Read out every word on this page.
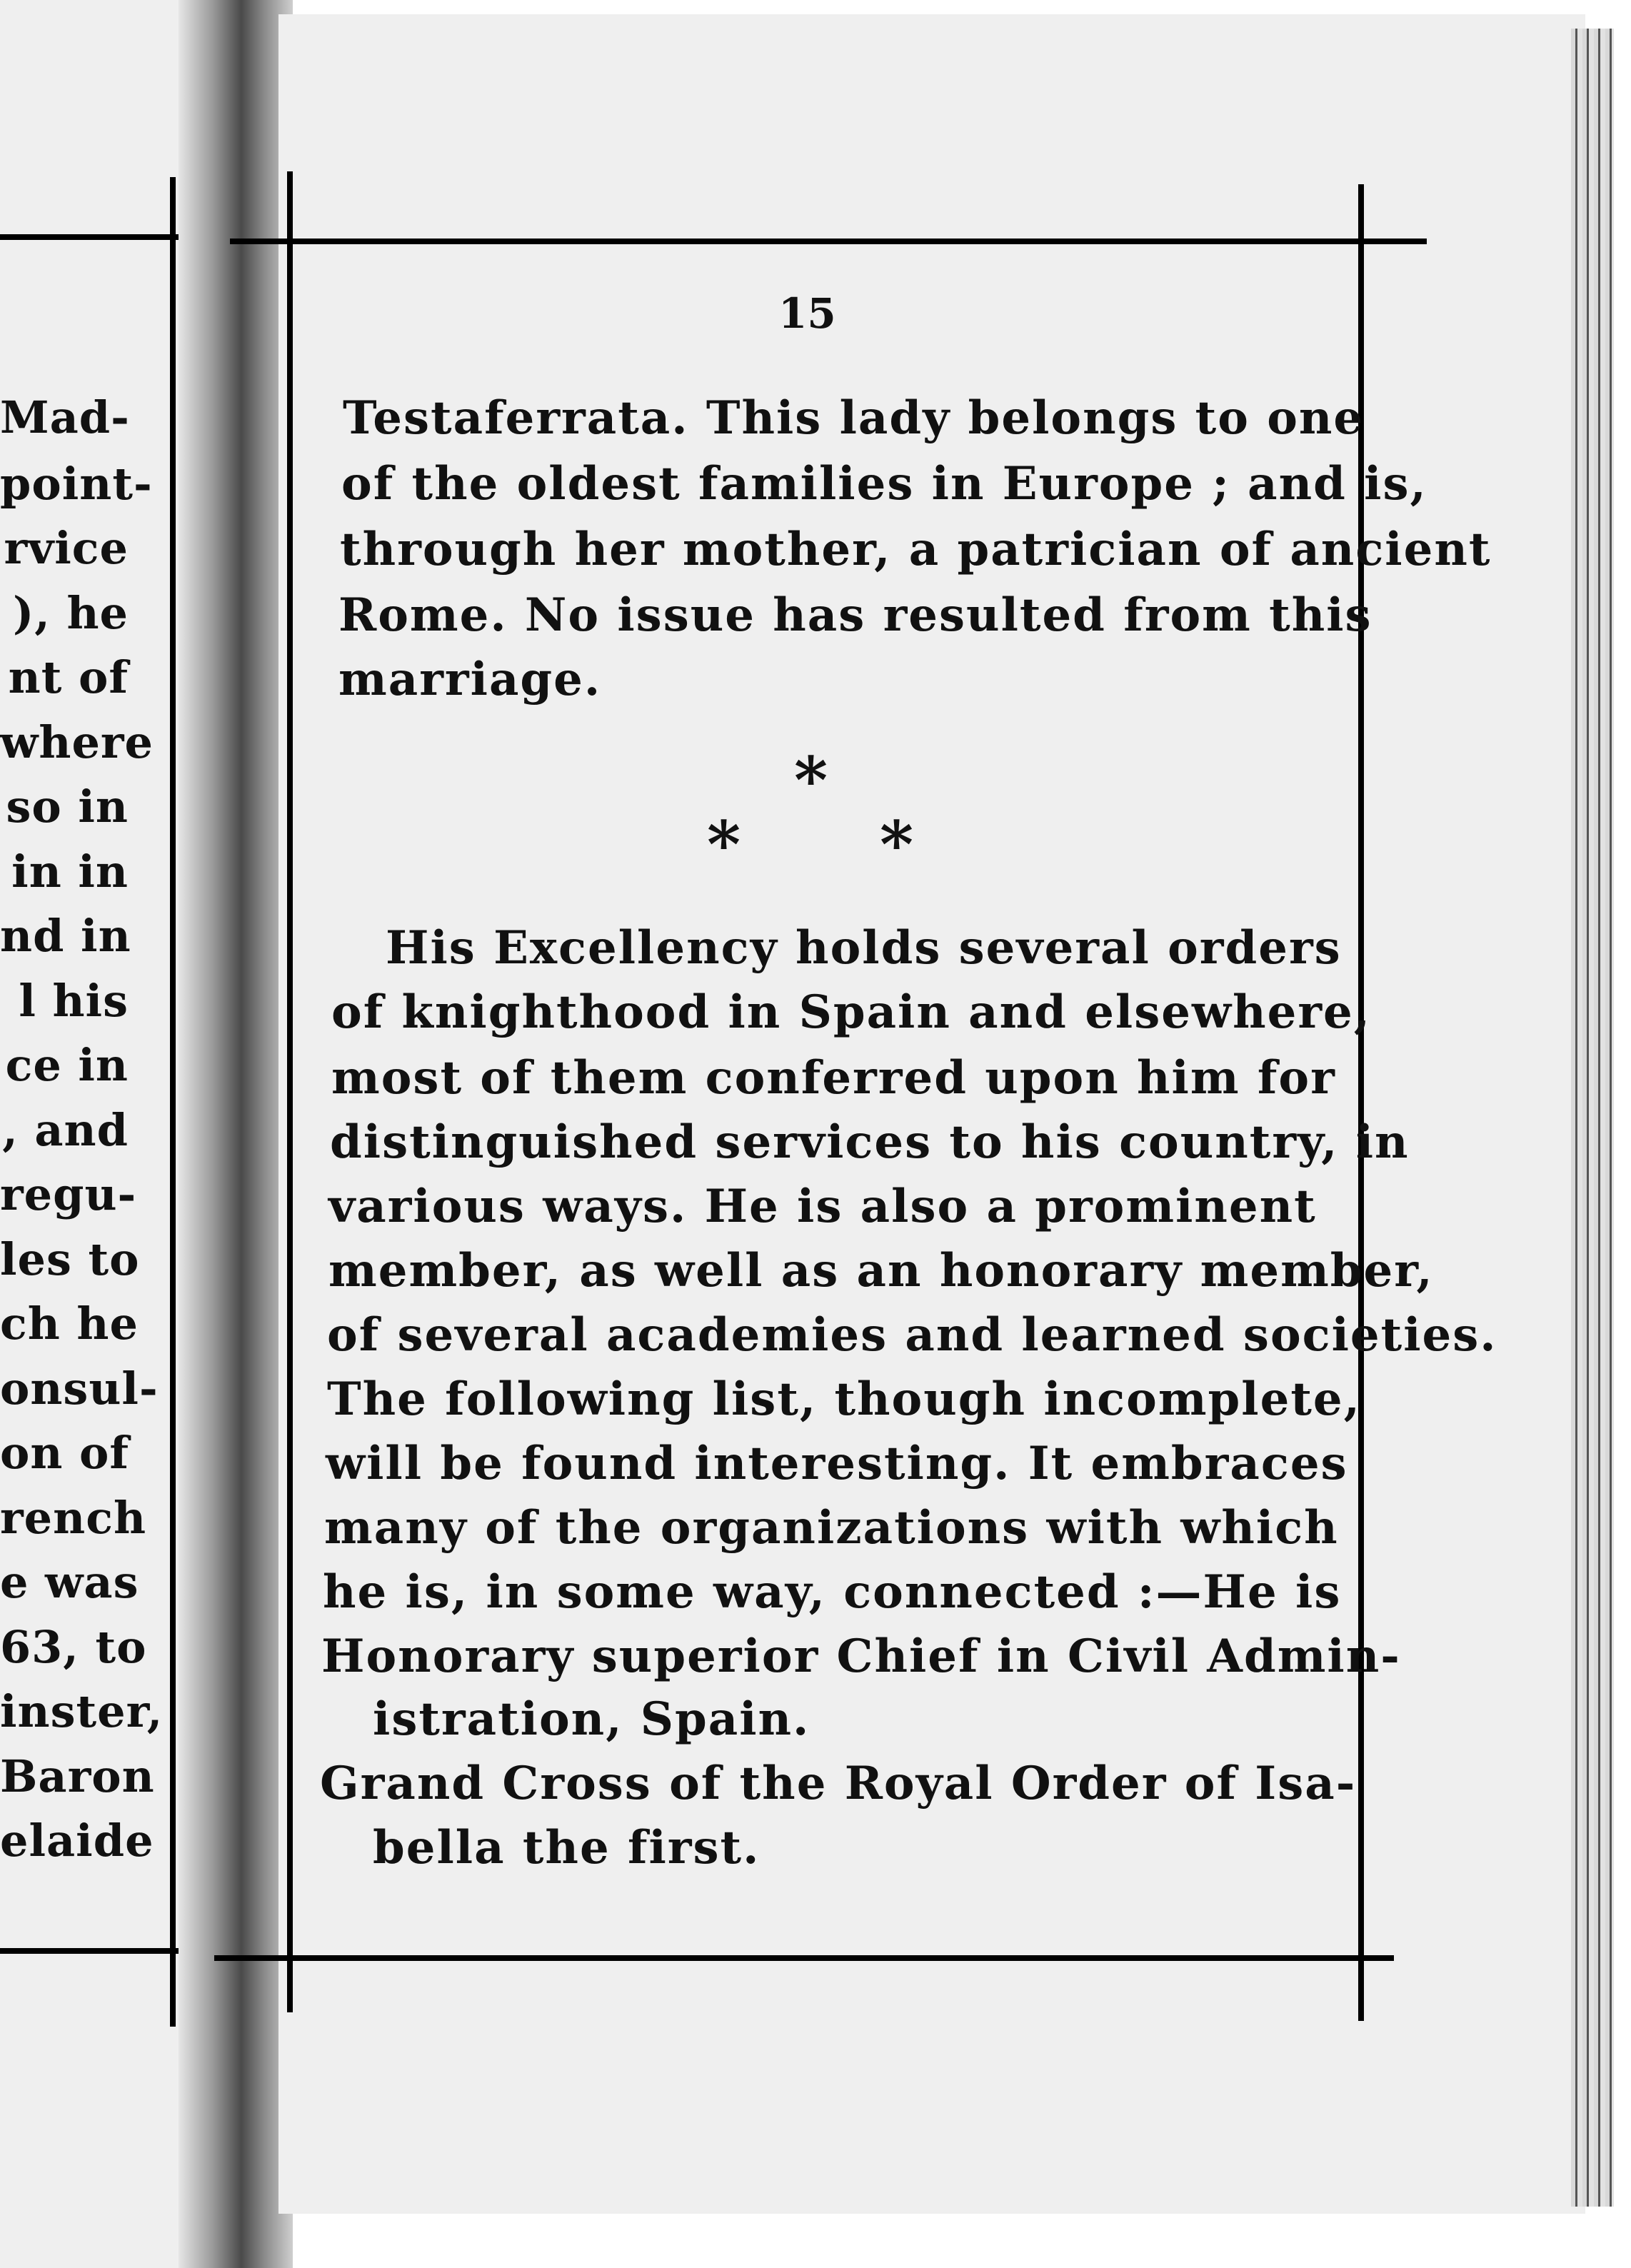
Mad-
point-
rvice
), he
nt of
where
so in
in in
nd in
l his
ce in
, and
regu-
les to
ch he
onsul-
on of
rench
e was
63, to
inster,
Baron
elaide
15
Testaferrata. This lady belongs to one
of the oldest families in Europe ; and is,
through her mother, a patrician of ancient
Rome. No issue has resulted from this
marriage.
*
* *
His Excellency holds several orders
of knighthood in Spain and elsewhere,
most of them conferred upon him for
distinguished services to his country, in
various ways. He is also a prominent
member, as well as an honorary member,
of several academies and learned societies.
The following list, though incomplete,
will be found interesting. It embraces
many of the organizations with which
he is, in some way, connected :—He is
Honorary superior Chief in Civil Admin-
istration, Spain.
Grand Cross of the Royal Order of Isa-
bella the first.
